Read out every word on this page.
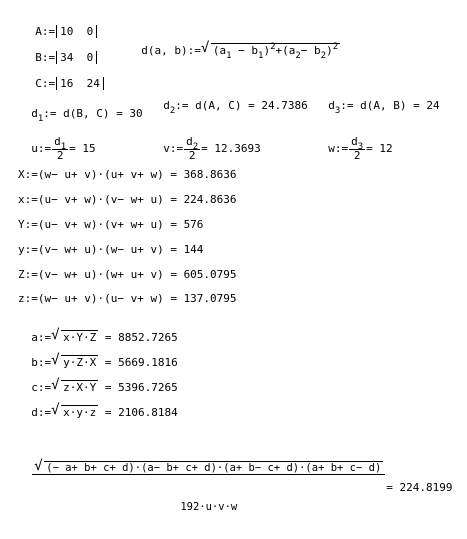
A:= 10 0

B:= 34 0

C:= 16 24

d(a, b):= √ $(a_1 - b_1)^2+(a_2- b_2)^2$

$d_1:= d(B$, C) = 30

$d_2:= d(A$, C) = 24.7386	$d_3:= d(A$, B) = 24

u:= $\frac{d_1}{2} = 15$	v:= $\frac{d_2}{2} = 12.3693$	w:= $\frac{d_3}{2} = 12$

X:=(w− u+ v)·(u+ v+ w) = 368.8636
x:=(u− v+ w)·(v− w+ u) = 224.8636
Y:=(u− v+ w)·(v+ w+ u) = 576
y:=(v− w+ u)·(w− u+ v) = 144
Z:=(v− w+ u)·(w+ u+ v) = 605.0795
z:=(w− u+ v)·(u− v+ w) = 137.0795

a:= √ x·Y·Z = 8852.7265

b:= √ y·Z·X = 5669.1816

c:= √ z·X·Y = 5396.7265

d:= √ x·y·z = 2106.8184

$\frac{√ (- a+ b+ c+ d)\cdot(a- b+ c+ d)\cdot(a+ b- c+ d)\cdot(a+ b+ c- d)}{192\cdot u\cdot v\cdot w} = 224.8199$
